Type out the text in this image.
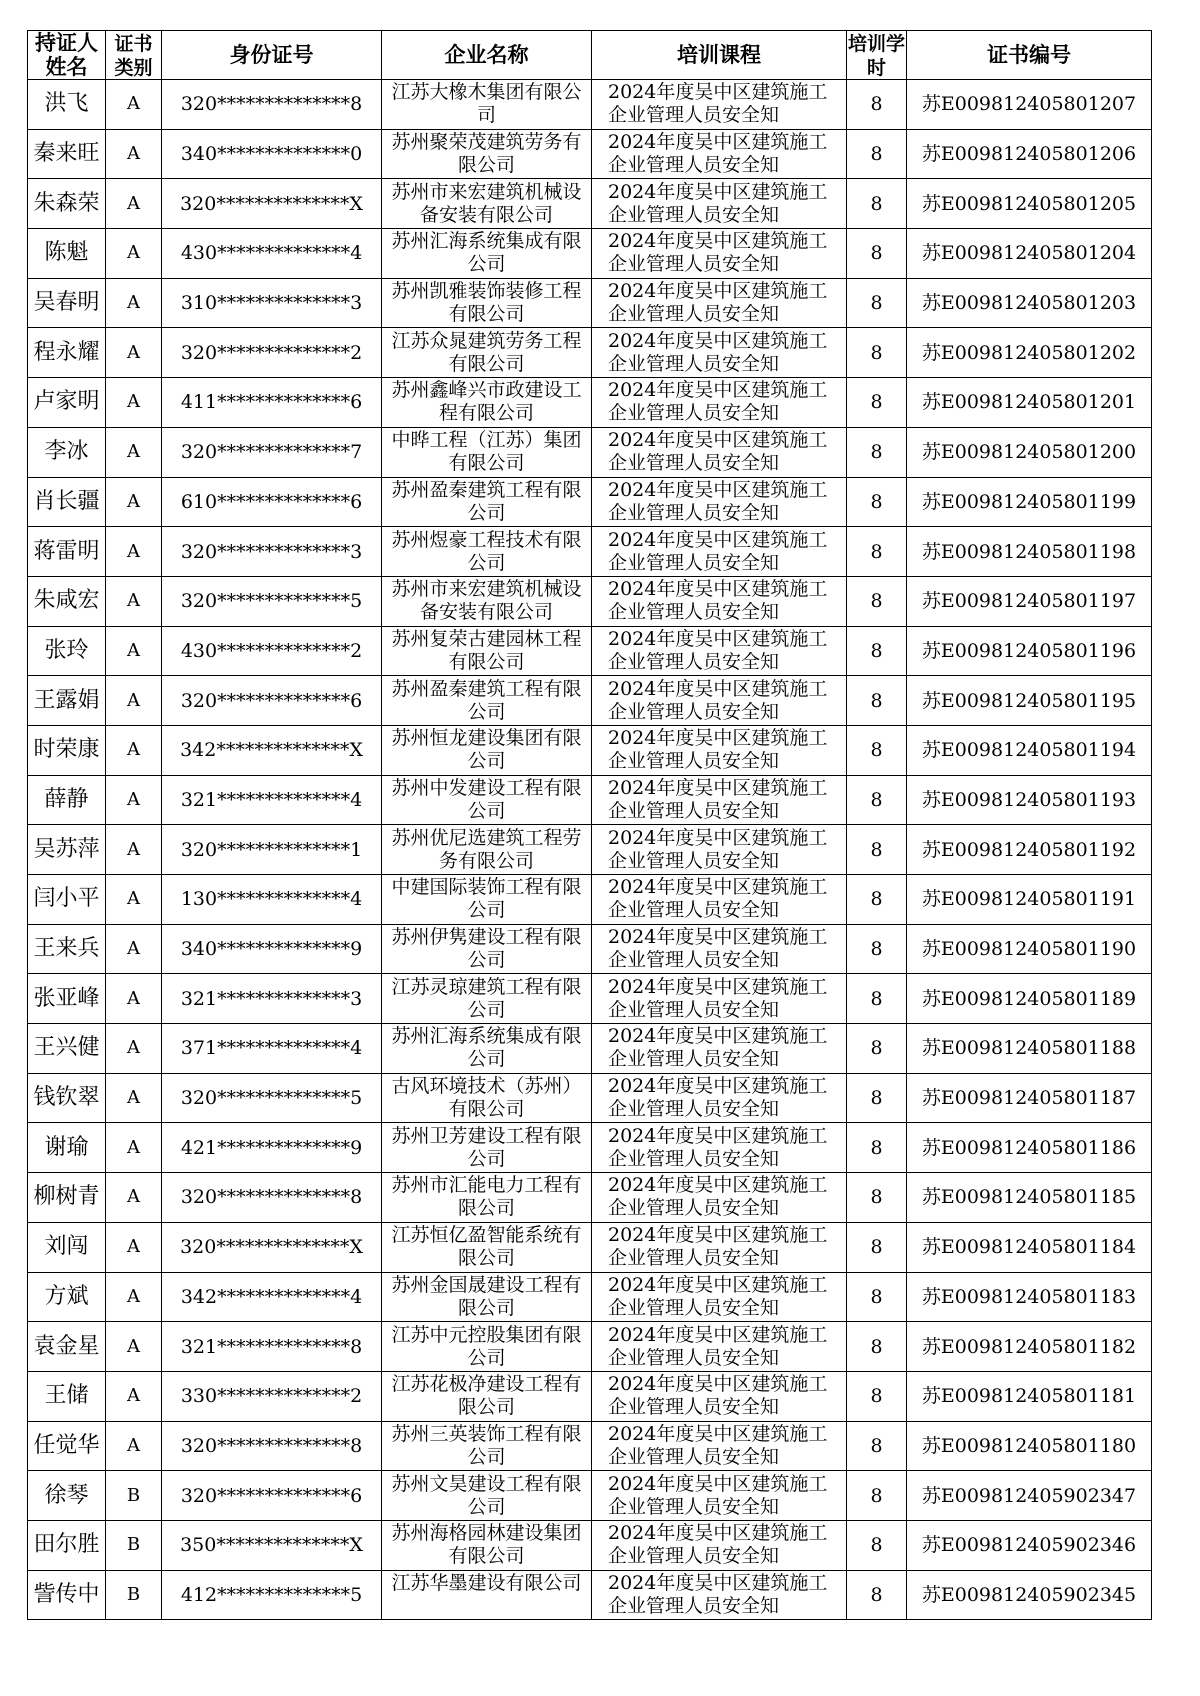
持证人姓名	证书类别	身份证号	企业名称	培训课程	培训学时	证书编号
洪飞	A	320**************8	江苏大橡木集团有限公司	2024年度吴中区建筑施工企业管理人员安全知	8	苏E009812405801207
秦来旺	A	340**************0	苏州聚荣茂建筑劳务有限公司	2024年度吴中区建筑施工企业管理人员安全知	8	苏E009812405801206
朱森荣	A	320**************X	苏州市来宏建筑机械设备安装有限公司	2024年度吴中区建筑施工企业管理人员安全知	8	苏E009812405801205
陈魁	A	430**************4	苏州汇海系统集成有限公司	2024年度吴中区建筑施工企业管理人员安全知	8	苏E009812405801204
吴春明	A	310**************3	苏州凯雅装饰装修工程有限公司	2024年度吴中区建筑施工企业管理人员安全知	8	苏E009812405801203
程永耀	A	320**************2	江苏众晁建筑劳务工程有限公司	2024年度吴中区建筑施工企业管理人员安全知	8	苏E009812405801202
卢家明	A	411**************6	苏州鑫峰兴市政建设工程有限公司	2024年度吴中区建筑施工企业管理人员安全知	8	苏E009812405801201
李冰	A	320**************7	中晔工程（江苏）集团有限公司	2024年度吴中区建筑施工企业管理人员安全知	8	苏E009812405801200
肖长疆	A	610**************6	苏州盈秦建筑工程有限公司	2024年度吴中区建筑施工企业管理人员安全知	8	苏E009812405801199
蒋雷明	A	320**************3	苏州煜豪工程技术有限公司	2024年度吴中区建筑施工企业管理人员安全知	8	苏E009812405801198
朱咸宏	A	320**************5	苏州市来宏建筑机械设备安装有限公司	2024年度吴中区建筑施工企业管理人员安全知	8	苏E009812405801197
张玲	A	430**************2	苏州复荣古建园林工程有限公司	2024年度吴中区建筑施工企业管理人员安全知	8	苏E009812405801196
王露娟	A	320**************6	苏州盈秦建筑工程有限公司	2024年度吴中区建筑施工企业管理人员安全知	8	苏E009812405801195
时荣康	A	342**************X	苏州恒龙建设集团有限公司	2024年度吴中区建筑施工企业管理人员安全知	8	苏E009812405801194
薛静	A	321**************4	苏州中发建设工程有限公司	2024年度吴中区建筑施工企业管理人员安全知	8	苏E009812405801193
吴苏萍	A	320**************1	苏州优尼选建筑工程劳务有限公司	2024年度吴中区建筑施工企业管理人员安全知	8	苏E009812405801192
闫小平	A	130**************4	中建国际装饰工程有限公司	2024年度吴中区建筑施工企业管理人员安全知	8	苏E009812405801191
王来兵	A	340**************9	苏州伊隽建设工程有限公司	2024年度吴中区建筑施工企业管理人员安全知	8	苏E009812405801190
张亚峰	A	321**************3	江苏灵琼建筑工程有限公司	2024年度吴中区建筑施工企业管理人员安全知	8	苏E009812405801189
王兴健	A	371**************4	苏州汇海系统集成有限公司	2024年度吴中区建筑施工企业管理人员安全知	8	苏E009812405801188
钱钦翠	A	320**************5	古风环境技术（苏州）有限公司	2024年度吴中区建筑施工企业管理人员安全知	8	苏E009812405801187
谢瑜	A	421**************9	苏州卫芳建设工程有限公司	2024年度吴中区建筑施工企业管理人员安全知	8	苏E009812405801186
柳树青	A	320**************8	苏州市汇能电力工程有限公司	2024年度吴中区建筑施工企业管理人员安全知	8	苏E009812405801185
刘闯	A	320**************X	江苏恒亿盈智能系统有限公司	2024年度吴中区建筑施工企业管理人员安全知	8	苏E009812405801184
方斌	A	342**************4	苏州金国晟建设工程有限公司	2024年度吴中区建筑施工企业管理人员安全知	8	苏E009812405801183
袁金星	A	321**************8	江苏中元控股集团有限公司	2024年度吴中区建筑施工企业管理人员安全知	8	苏E009812405801182
王储	A	330**************2	江苏花极净建设工程有限公司	2024年度吴中区建筑施工企业管理人员安全知	8	苏E009812405801181
任觉华	A	320**************8	苏州三英装饰工程有限公司	2024年度吴中区建筑施工企业管理人员安全知	8	苏E009812405801180
徐琴	B	320**************6	苏州文昊建设工程有限公司	2024年度吴中区建筑施工企业管理人员安全知	8	苏E009812405902347
田尔胜	B	350**************X	苏州海格园林建设集团有限公司	2024年度吴中区建筑施工企业管理人员安全知	8	苏E009812405902346
訾传中	B	412**************5	江苏华墨建设有限公司	2024年度吴中区建筑施工企业管理人员安全知	8	苏E009812405902345
